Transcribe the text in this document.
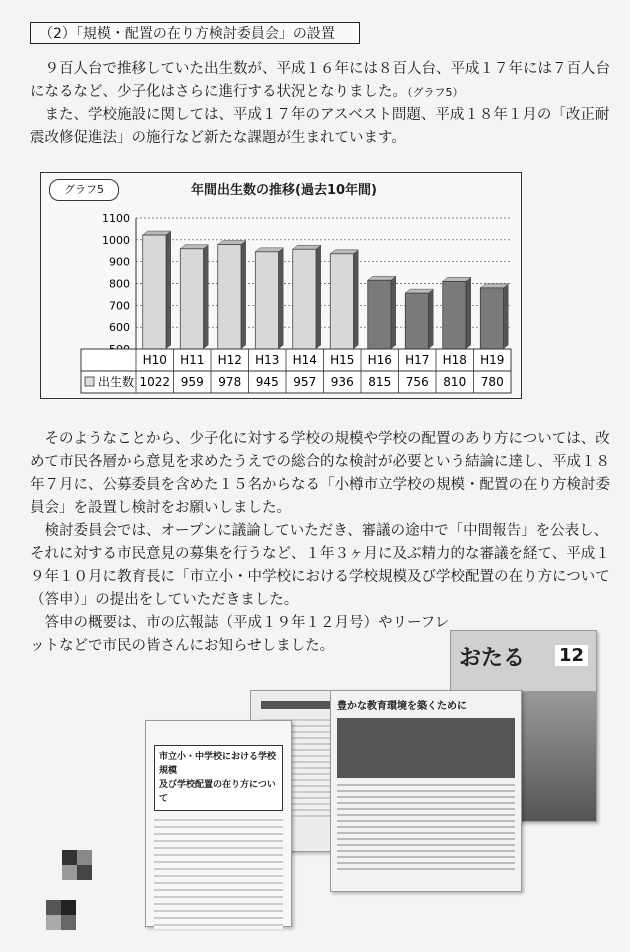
（2）「規模・配置の在り方検討委員会」の設置

９百人台で推移していた出生数が、平成１６年には８百人台、平成１７年には７百人台になるなど、少子化はさらに進行する状況となりました。（グラフ5）

また、学校施設に関しては、平成１７年のアスベスト問題、平成１８年１月の「改正耐震改修促進法」の施行など新たな課題が生まれています。

グラフ5	年間出生数の推移(過去10年間)
600
700
800
900
1000
1100
H10
1022
H11
959
H12
978
H13
945
H14
957
H15
936
H16
815
H17
756
H18
810
H19
780
出生数

そのようなことから、少子化に対する学校の規模や学校の配置のあり方については、改めて市民各層から意見を求めたうえでの総合的な検討が必要という結論に達し、平成１８年７月に、公募委員を含めた１５名からなる「小樽市立学校の規模・配置の在り方検討委員会」を設置し検討をお願いしました。

検討委員会では、オープンに議論していただき、審議の途中で「中間報告」を公表し、それに対する市民意見の募集を行うなど、１年３ヶ月に及ぶ精力的な審議を経て、平成１９年１０月に教育長に「市立小・中学校における学校規模及び学校配置の在り方について（答申）」の提出をしていただきました。

答申の概要は、市の広報誌（平成１９年１２月号）やリーフレットなどで市民の皆さんにお知らせしました。	おたる 12
豊かな教育環境を築くために
市立小・中学校における学校規模
及び学校配置の在り方について
